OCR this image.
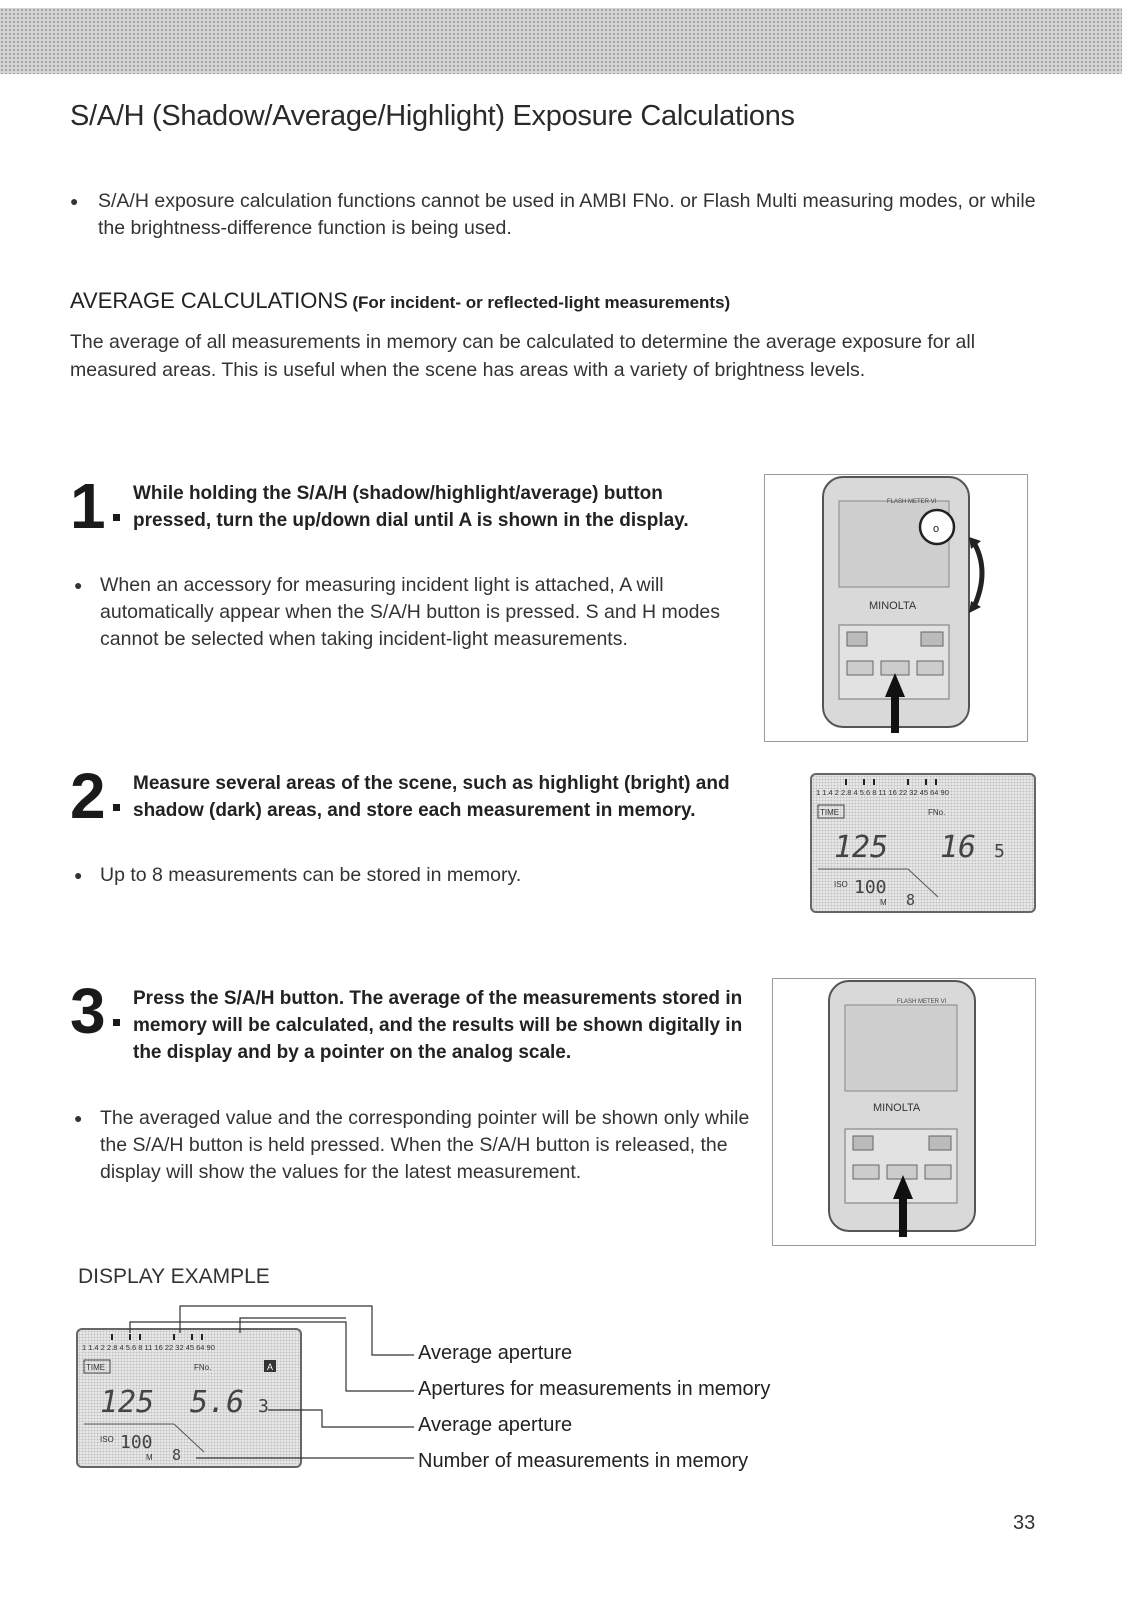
S/A/H (Shadow/Average/Highlight) Exposure Calculations
● S/A/H exposure calculation functions cannot be used in AMBI FNo. or Flash Multi measuring modes, or while the brightness-difference function is being used.
AVERAGE CALCULATIONS (For incident- or reflected-light measurements)
The average of all measurements in memory can be calculated to determine the average exposure for all measured areas. This is useful when the scene has areas with a variety of brightness levels.
1 While holding the S/A/H (shadow/highlight/average) button pressed, turn the up/down dial until A is shown in the display.
● When an accessory for measuring incident light is attached, A will automatically appear when the S/A/H button is pressed. S and H modes cannot be selected when taking incident-light measurements.
FLASH METER VI
o
MINOLTA
2 Measure several areas of the scene, such as highlight (bright) and shadow (dark) areas, and store each measurement in memory.
● Up to 8 measurements can be stored in memory.
1 1.4 2 2.8 4 5.6 8 11 16 22 32 45 64 90
TIME	FNo.
125 16 5
ISO 100
M 8
3 Press the S/A/H button. The average of the measurements stored in memory will be calculated, and the results will be shown digitally in the display and by a pointer on the analog scale.
● The averaged value and the corresponding pointer will be shown only while the S/A/H button is held pressed. When the S/A/H button is released, the display will show the values for the latest measurement.
FLASH METER VI
MINOLTA
DISPLAY EXAMPLE
1 1.4 2 2.8 4 5.6 8 11 16 22 32 45 64 90
TIME	FNo.	A
125 5.6 3
ISO 100
M 8
Average aperture
Apertures for measurements in memory
Average aperture
Number of measurements in memory
33
